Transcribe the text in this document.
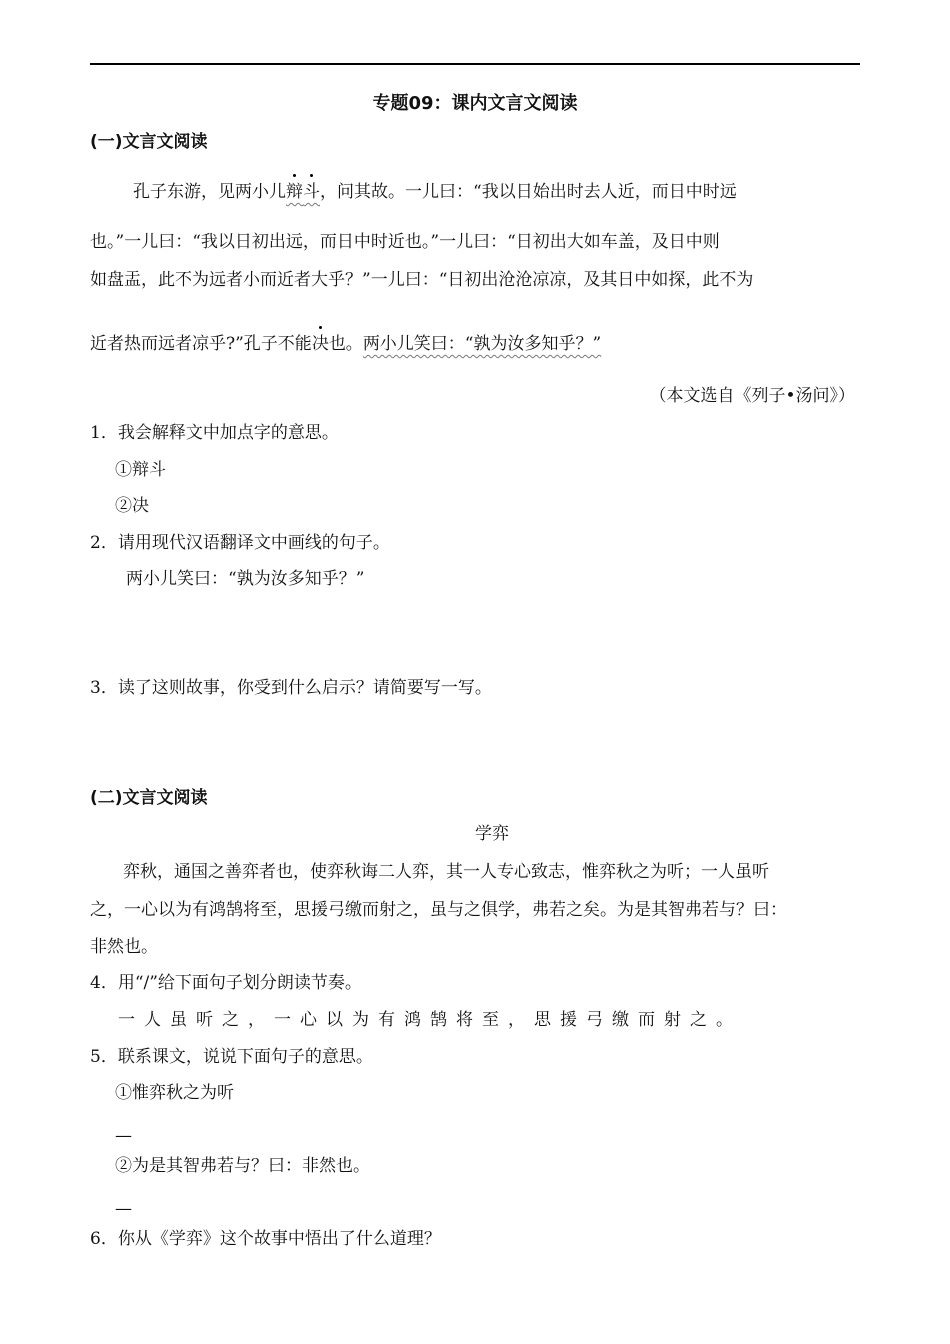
专题09：课内文言文阅读
(一)文言文阅读
孔子东游，见两小儿辩斗，问其故。一儿曰：“我以日始出时去人近，而日中时远
也。”一儿曰：“我以日初出远，而日中时近也。”一儿曰：“日初出大如车盖，及日中则
如盘盂，此不为远者小而近者大乎？”一儿曰：“日初出沧沧凉凉，及其日中如探，此不为
近者热而远者凉乎?”孔子不能决也。两小儿笑曰：“孰为汝多知乎？”
（本文选自《列子•汤问》）
1．我会解释文中加点字的意思。
①辩斗
②决
2．请用现代汉语翻译文中画线的句子。
两小儿笑曰：“孰为汝多知乎？”
3．读了这则故事，你受到什么启示？请简要写一写。
(二)文言文阅读
学弈
弈秋，通国之善弈者也，使弈秋诲二人弈，其一人专心致志，惟弈秋之为听；一人虽听
之，一心以为有鸿鹄将至，思援弓缴而射之，虽与之俱学，弗若之矣。为是其智弗若与？曰：
非然也。
4．用“/”给下面句子划分朗读节奏。
一人虽听之，一心以为有鸿鹄将至，思援弓缴而射之。
5．联系课文，说说下面句子的意思。
①惟弈秋之为听
—
②为是其智弗若与？曰：非然也。
—
6．你从《学弈》这个故事中悟出了什么道理？
